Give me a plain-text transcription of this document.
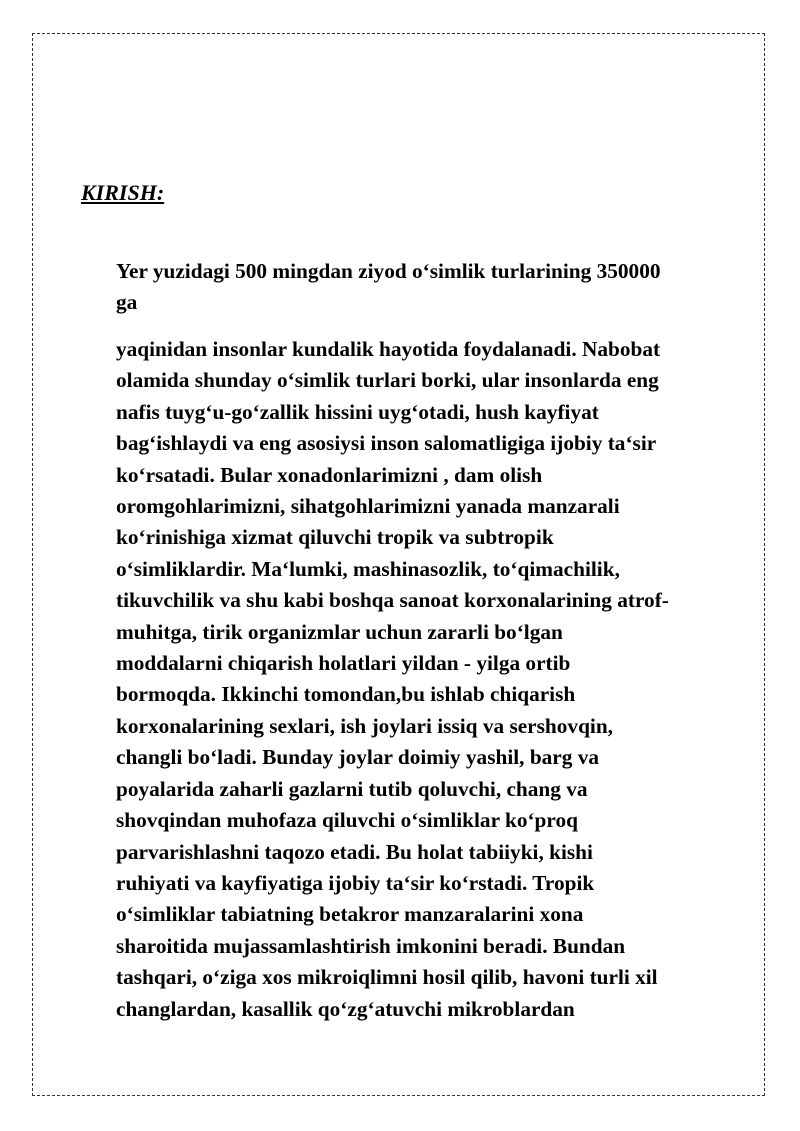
KIRISH:

Yer yuzidagi 500 mingdan ziyod o‘simlik turlarining 350000
ga

yaqinidan insonlar kundalik hayotida foydalanadi. Nabobat
olamida shunday o‘simlik turlari borki, ular insonlarda eng
nafis tuyg‘u-go‘zallik hissini uyg‘otadi, hush kayfiyat
bag‘ishlaydi va eng asosiysi inson salomatligiga ijobiy ta‘sir
ko‘rsatadi. Bular xonadonlarimizni , dam olish
oromgohlarimizni, sihatgohlarimizni yanada manzarali
ko‘rinishiga xizmat qiluvchi tropik va subtropik
o‘simliklardir. Ma‘lumki, mashinasozlik, to‘qimachilik,
tikuvchilik va shu kabi boshqa sanoat korxonalarining atrof-
muhitga, tirik organizmlar uchun zararli bo‘lgan
moddalarni chiqarish holatlari yildan - yilga ortib
bormoqda. Ikkinchi tomondan,bu ishlab chiqarish
korxonalarining sexlari, ish joylari issiq va sershovqin,
changli bo‘ladi. Bunday joylar doimiy yashil, barg va
poyalarida zaharli gazlarni tutib qoluvchi, chang va
shovqindan muhofaza qiluvchi o‘simliklar ko‘proq
parvarishlashni taqozo etadi. Bu holat tabiiyki, kishi
ruhiyati va kayfiyatiga ijobiy ta‘sir ko‘rstadi. Tropik
o‘simliklar tabiatning betakror manzaralarini xona
sharoitida mujassamlashtirish imkonini beradi. Bundan
tashqari, o‘ziga xos mikroiqlimni hosil qilib, havoni turli xil
changlardan, kasallik qo‘zg‘atuvchi mikroblardan
